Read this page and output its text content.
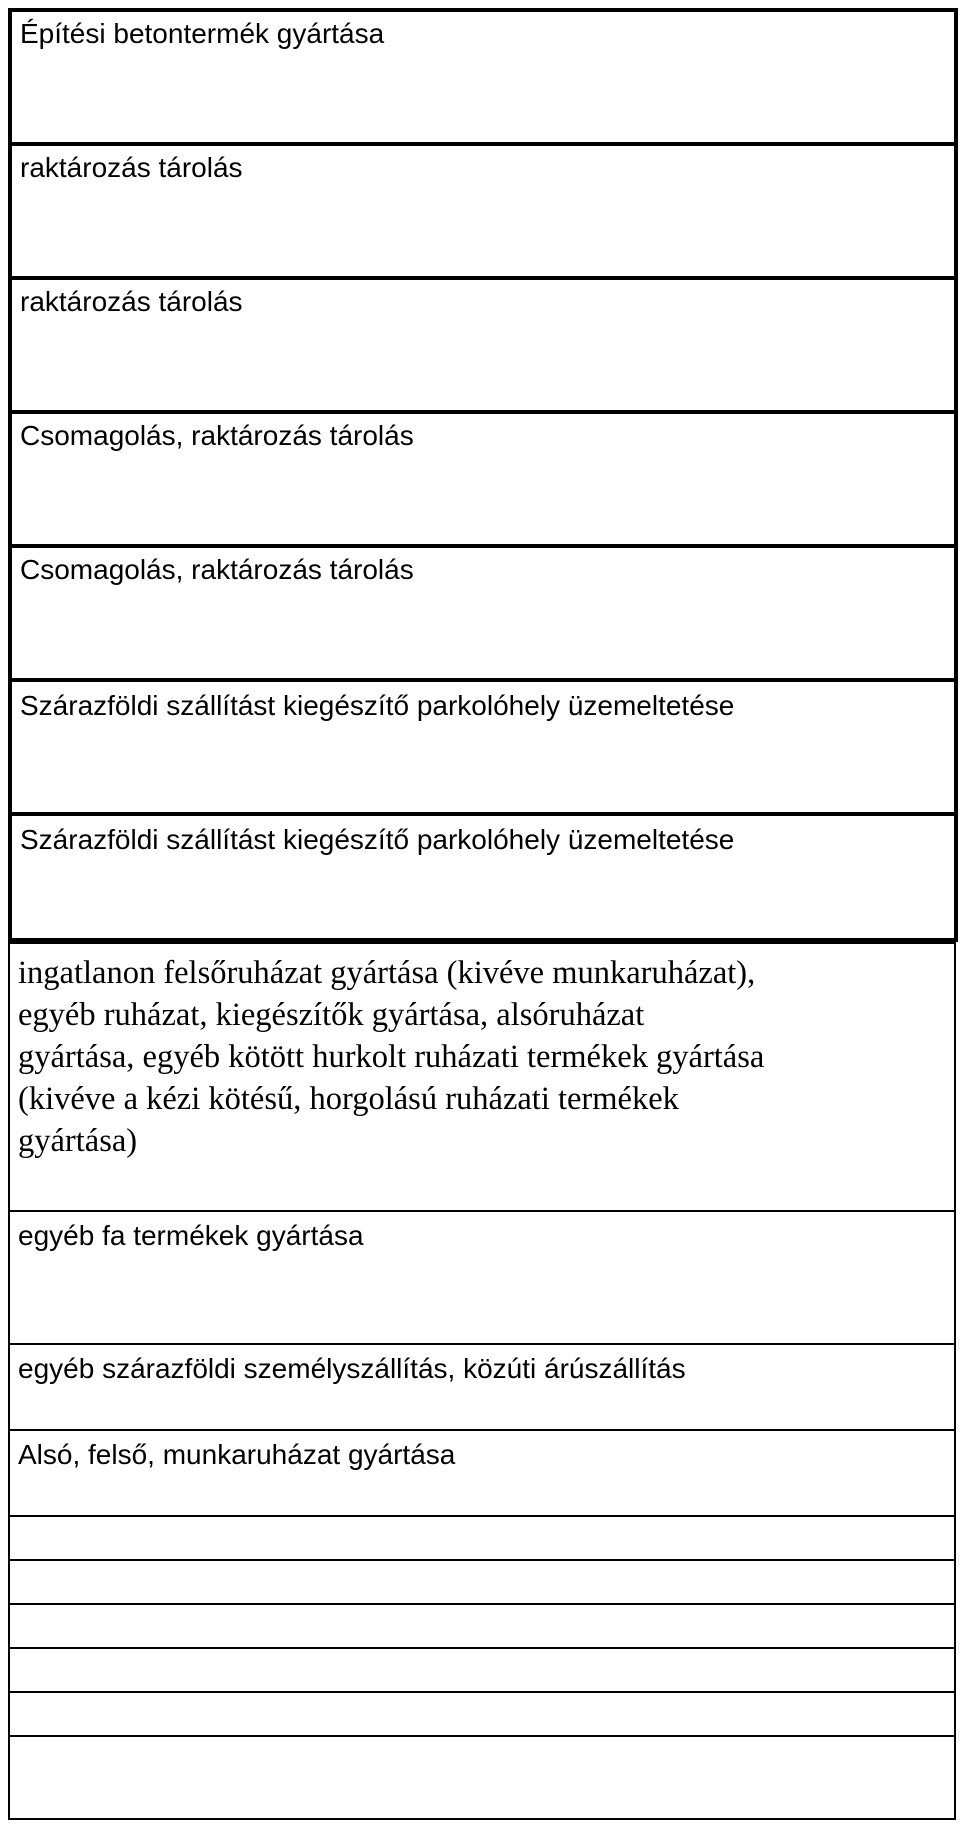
Építési betontermék gyártása
raktározás tárolás
raktározás tárolás
Csomagolás, raktározás tárolás
Csomagolás, raktározás tárolás
Szárazföldi szállítást kiegészítő parkolóhely üzemeltetése
Szárazföldi szállítást kiegészítő parkolóhely üzemeltetése
ingatlanon felsőruházat gyártása (kivéve munkaruházat),
egyéb ruházat, kiegészítők gyártása, alsóruházat
gyártása, egyéb kötött hurkolt ruházati termékek gyártása
(kivéve a kézi kötésű, horgolású ruházati termékek
gyártása)
egyéb fa termékek gyártása
egyéb szárazföldi személyszállítás, közúti árúszállítás
Alsó, felső, munkaruházat gyártása
